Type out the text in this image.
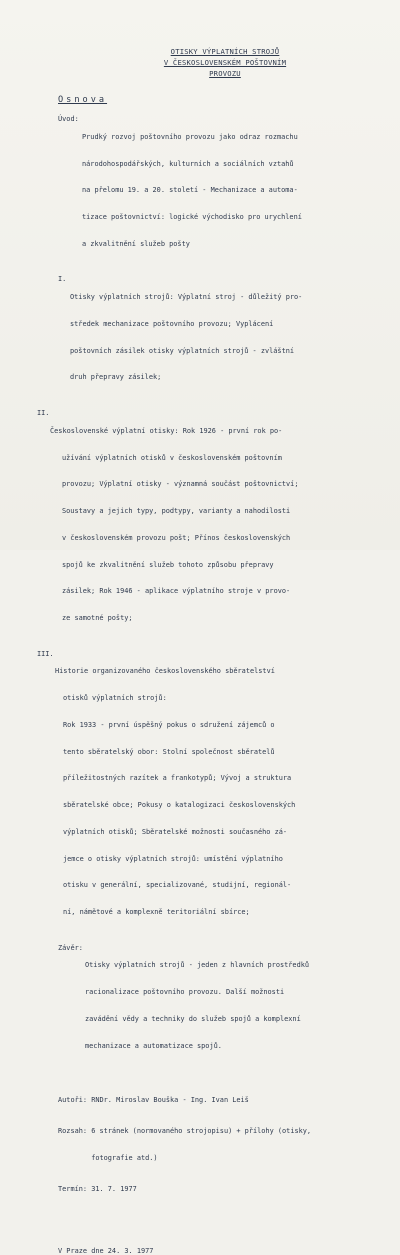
OTISKY VÝPLATNÍCH STROJŮ
V ČESKOSLOVENSKÉM POŠTOVNÍM
PROVOZU
Osnova
Úvod:

Prudký rozvoj poštovního provozu jako odraz rozmachu

národohospodářských, kulturních a sociálních vztahů

na přelomu 19. a 20. století - Mechanizace a automa-

tizace poštovnictví: logické východisko pro urychlení

a zkvalitnění služeb pošty

I.

Otisky výplatních strojů: Výplatní stroj - důležitý pro-

středek mechanizace poštovního provozu; Vyplácení

poštovních zásilek otisky výplatních strojů - zvláštní

druh přepravy zásilek;

II.

Československé výplatní otisky: Rok 1926 - první rok po-

užívání výplatních otisků v československém poštovním

provozu; Výplatní otisky - významná součást poštovnictví;

Soustavy a jejich typy, podtypy, varianty a nahodilosti

v československém provozu pošt; Přínos československých

spojů ke zkvalitnění služeb tohoto způsobu přepravy

zásilek; Rok 1946 - aplikace výplatního stroje v provo-

ze samotné pošty;

III.

Historie organizovaného československého sběratelství

otisků výplatních strojů:

Rok 1933 - první úspěšný pokus o sdružení zájemců o

tento sběratelský obor: Stolní společnost sběratelů

příležitostných razítek a frankotypů; Vývoj a struktura

sběratelské obce; Pokusy o katalogizaci československých

výplatních otisků; Sběratelské možnosti současného zá-

jemce o otisky výplatních strojů: umístění výplatního

otisku v generální, specializované, studijní, regionál-

ní, námětové a komplexně teritoriální sbírce;

Závěr:

Otisky výplatních strojů - jeden z hlavních prostředků

racionalizace poštovního provozu. Další možnosti

zavádění vědy a techniky do služeb spojů a komplexní

mechanizace a automatizace spojů.

Autoři: RNDr. Miroslav Bouška - Ing. Ivan Leiš

Rozsah: 6 stránek (normovaného strojopisu) + přílohy (otisky,

fotografie atd.)

Termín: 31. 7. 1977

V Praze dne 24. 3. 1977
